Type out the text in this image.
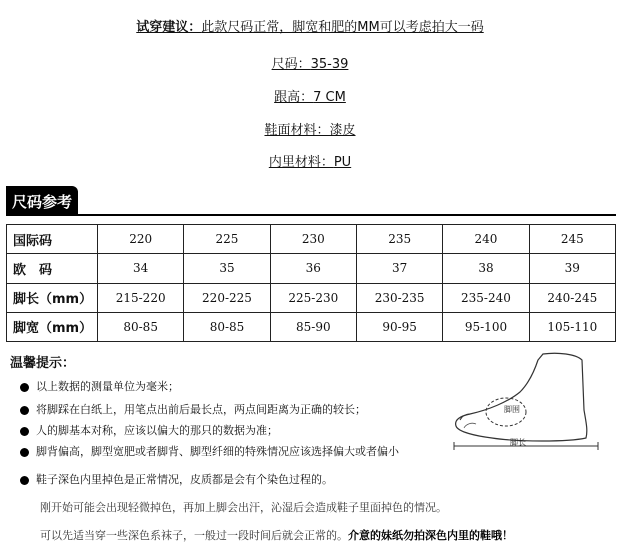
试穿建议：此款尺码正常，脚宽和肥的MM可以考虑拍大一码
尺码：35-39
跟高：7 CM
鞋面材料：漆皮
内里材料：PU
尺码参考
国际码	220	225	230	235	240	245
欧　码	34	35	36	37	38	39
脚长（mm）	215-220	220-225	225-230	230-235	235-240	240-245
脚宽（mm）	80-85	80-85	85-90	90-95	95-100	105-110
温馨提示：
以上数据的测量单位为毫米；
将脚踩在白纸上，用笔点出前后最长点，两点间距离为正确的较长；
人的脚基本对称，应该以偏大的那只的数据为准；
脚背偏高，脚型宽肥或者脚背、脚型纤细的特殊情况应该选择偏大或者偏小
鞋子深色内里掉色是正常情况，皮质都是会有个染色过程的。
刚开始可能会出现轻微掉色，再加上脚会出汗，沁湿后会造成鞋子里面掉色的情况。
可以先适当穿一些深色系袜子，一般过一段时间后就会正常的。介意的妹纸勿拍深色内里的鞋哦！
脚围
脚长
